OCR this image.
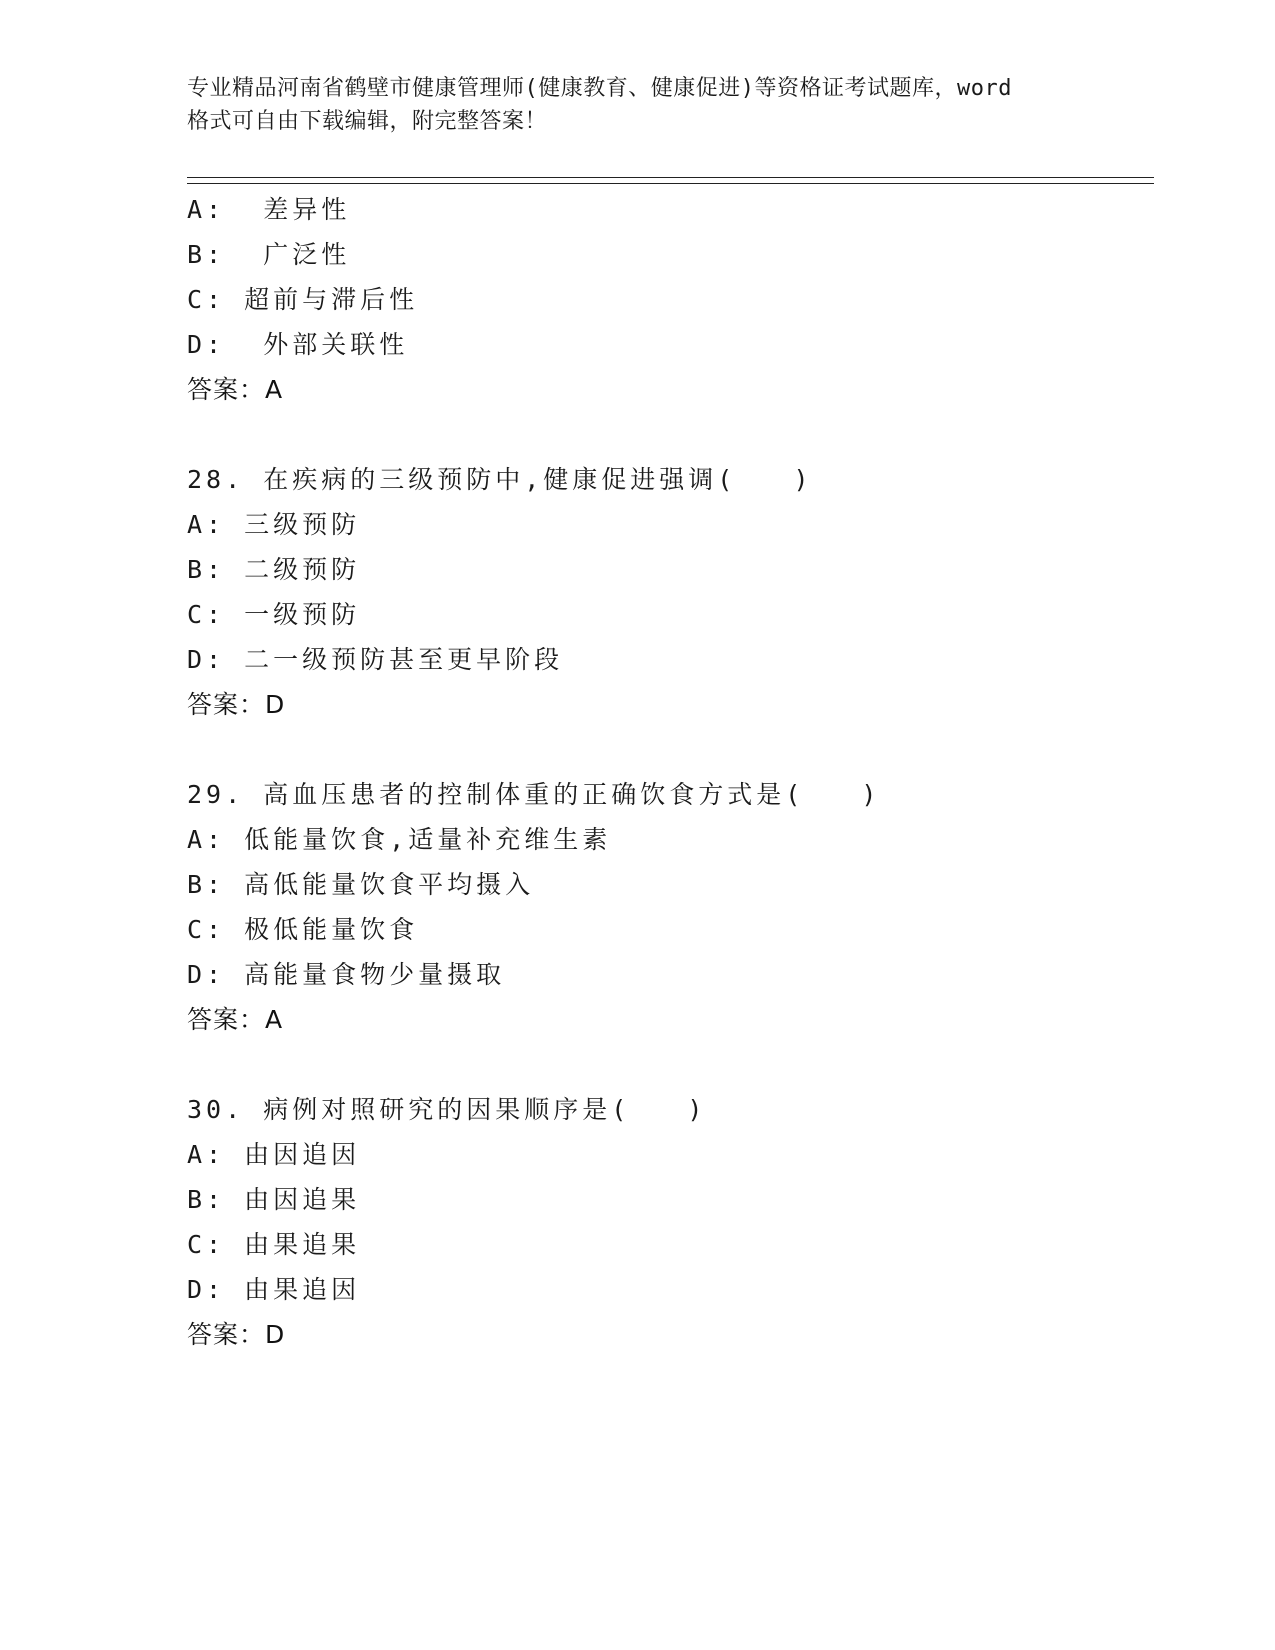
专业精品河南省鹤壁市健康管理师(健康教育、健康促进)等资格证考试题库，word
格式可自由下载编辑，附完整答案！
A:  差异性
B:  广泛性
C: 超前与滞后性
D:  外部关联性
答案：A
28. 在疾病的三级预防中,健康促进强调(   )
A: 三级预防
B: 二级预防
C: 一级预防
D: 二一级预防甚至更早阶段
答案：D
29. 高血压患者的控制体重的正确饮食方式是(   )
A: 低能量饮食,适量补充维生素
B: 高低能量饮食平均摄入
C: 极低能量饮食
D: 高能量食物少量摄取
答案：A
30. 病例对照研究的因果顺序是(   )
A: 由因追因
B: 由因追果
C: 由果追果
D: 由果追因
答案：D
